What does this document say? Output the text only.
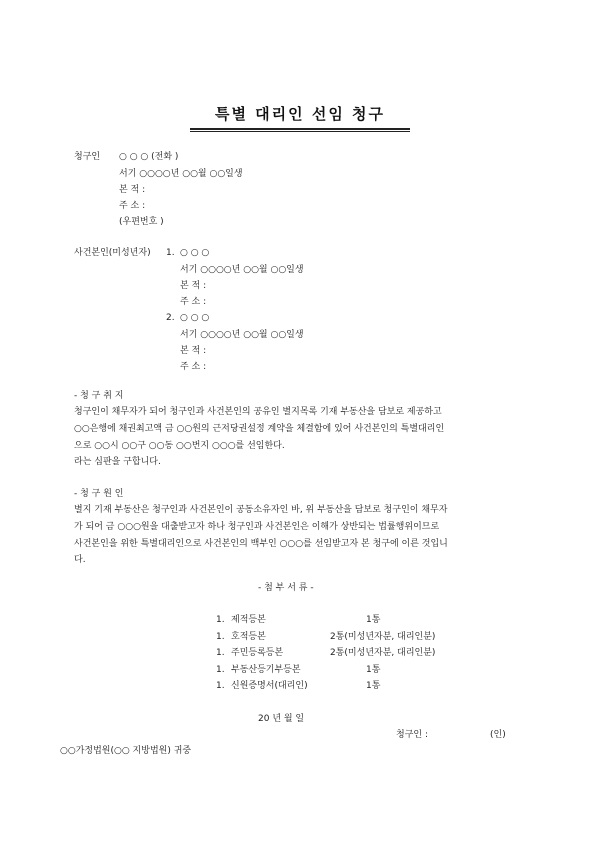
특별 대리인 선임 청구
청구인 ○ ○ ○ (전화 )
서기 ○○○○년 ○○월 ○○일생
본 적 :
주 소 :
(우편번호 )
사건본인(미성년자) 1. ○ ○ ○
서기 ○○○○년 ○○월 ○○일생
본 적 :
주 소 :
2. ○ ○ ○
서기 ○○○○년 ○○월 ○○일생
본 적 :
주 소 :
- 청 구 취 지
청구인이 채무자가 되어 청구인과 사건본인의 공유인 별지목록 기재 부동산을 담보로 제공하고
○○은행에 채권최고액 금 ○○원의 근저당권설정 계약을 체결함에 있어 사건본인의 특별대리인
으로 ○○시 ○○구 ○○동 ○○번지 ○○○를 선임한다.
라는 심판을 구합니다.
- 청 구 원 인
별지 기재 부동산은 청구인과 사건본인이 공동소유자인 바, 위 부동산을 담보로 청구인이 채무자
가 되어 금 ○○○원을 대출받고자 하나 청구인과 사건본인은 이해가 상반되는 법률행위이므로
사건본인을 위한 특별대리인으로 사건본인의 백부인 ○○○를 선임받고자 본 청구에 이른 것입니
다.
- 첨 부 서 류 -
1. 제적등본	1통
1. 호적등본	2통(미성년자분, 대리인분)
1. 주민등록등본	2통(미성년자분, 대리인분)
1. 부동산등기부등본	1통
1. 신원증명서(대리인)	1통
20 년 월 일
청구인 :	(인)
○○가정법원(○○ 지방법원) 귀중
